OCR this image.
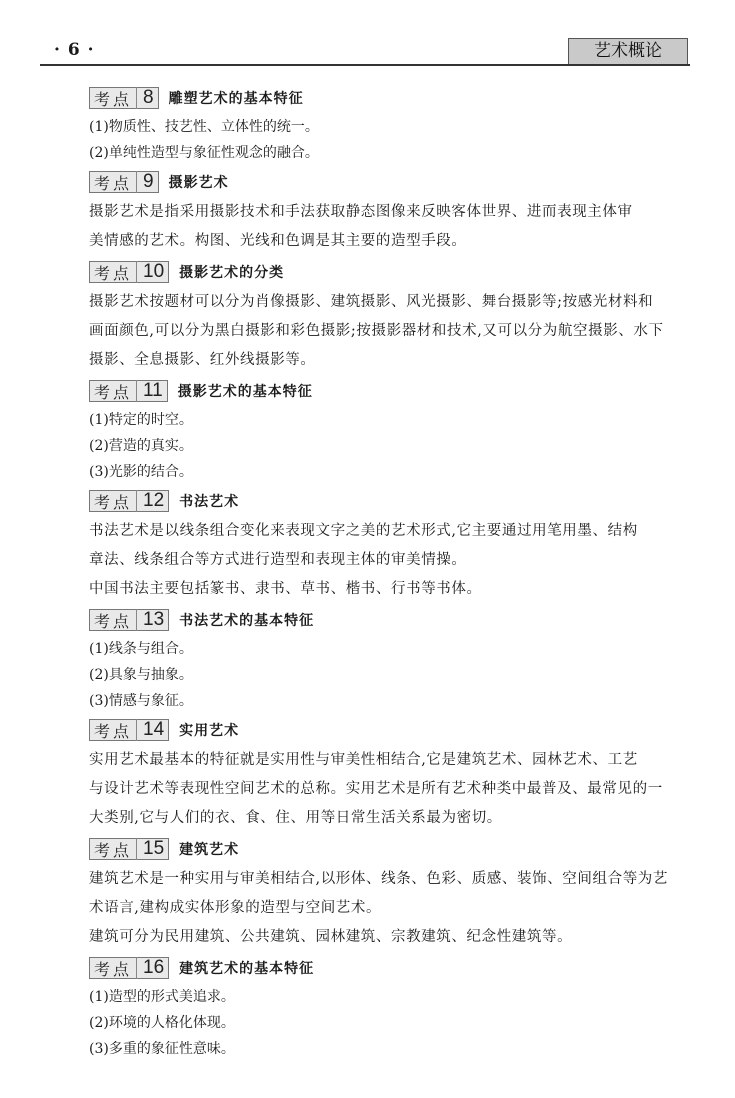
· 6 ·	艺术概论
考点 8 雕塑艺术的基本特征
(1)物质性、技艺性、立体性的统一。
(2)单纯性造型与象征性观念的融合。
考点 9 摄影艺术
摄影艺术是指采用摄影技术和手法获取静态图像来反映客体世界、进而表现主体审
美情感的艺术。构图、光线和色调是其主要的造型手段。
考点 10 摄影艺术的分类
摄影艺术按题材可以分为肖像摄影、建筑摄影、风光摄影、舞台摄影等;按感光材料和
画面颜色,可以分为黑白摄影和彩色摄影;按摄影器材和技术,又可以分为航空摄影、水下
摄影、全息摄影、红外线摄影等。
考点 11 摄影艺术的基本特征
(1)特定的时空。
(2)营造的真实。
(3)光影的结合。
考点 12 书法艺术
书法艺术是以线条组合变化来表现文字之美的艺术形式,它主要通过用笔用墨、结构
章法、线条组合等方式进行造型和表现主体的审美情操。
中国书法主要包括篆书、隶书、草书、楷书、行书等书体。
考点 13 书法艺术的基本特征
(1)线条与组合。
(2)具象与抽象。
(3)情感与象征。
考点 14 实用艺术
实用艺术最基本的特征就是实用性与审美性相结合,它是建筑艺术、园林艺术、工艺
与设计艺术等表现性空间艺术的总称。实用艺术是所有艺术种类中最普及、最常见的一
大类别,它与人们的衣、食、住、用等日常生活关系最为密切。
考点 15 建筑艺术
建筑艺术是一种实用与审美相结合,以形体、线条、色彩、质感、装饰、空间组合等为艺
术语言,建构成实体形象的造型与空间艺术。
建筑可分为民用建筑、公共建筑、园林建筑、宗教建筑、纪念性建筑等。
考点 16 建筑艺术的基本特征
(1)造型的形式美追求。
(2)环境的人格化体现。
(3)多重的象征性意味。
